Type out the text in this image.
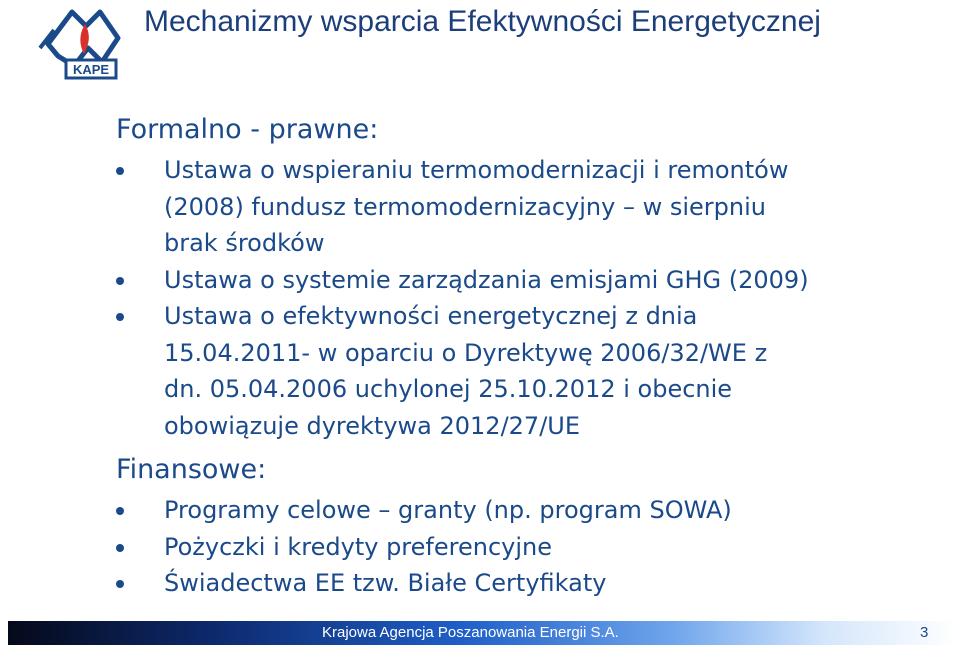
KAPE
Mechanizmy wsparcia Efektywności Energetycznej

Formalno - prawne:

Ustawa o wspieraniu termomodernizacji i remontów
(2008) fundusz termomodernizacyjny – w sierpniu
brak środków
Ustawa o systemie zarządzania emisjami GHG (2009)
Ustawa o efektywności energetycznej z dnia
15.04.2011- w oparciu o Dyrektywę 2006/32/WE z
dn. 05.04.2006 uchylonej 25.10.2012 i obecnie
obowiązuje dyrektywa 2012/27/UE

Finansowe:

Programy celowe – granty (np. program SOWA)
Pożyczki i kredyty preferencyjne
Świadectwa EE tzw. Białe Certyfikaty
Krajowa Agencja Poszanowania Energii S.A.	3
